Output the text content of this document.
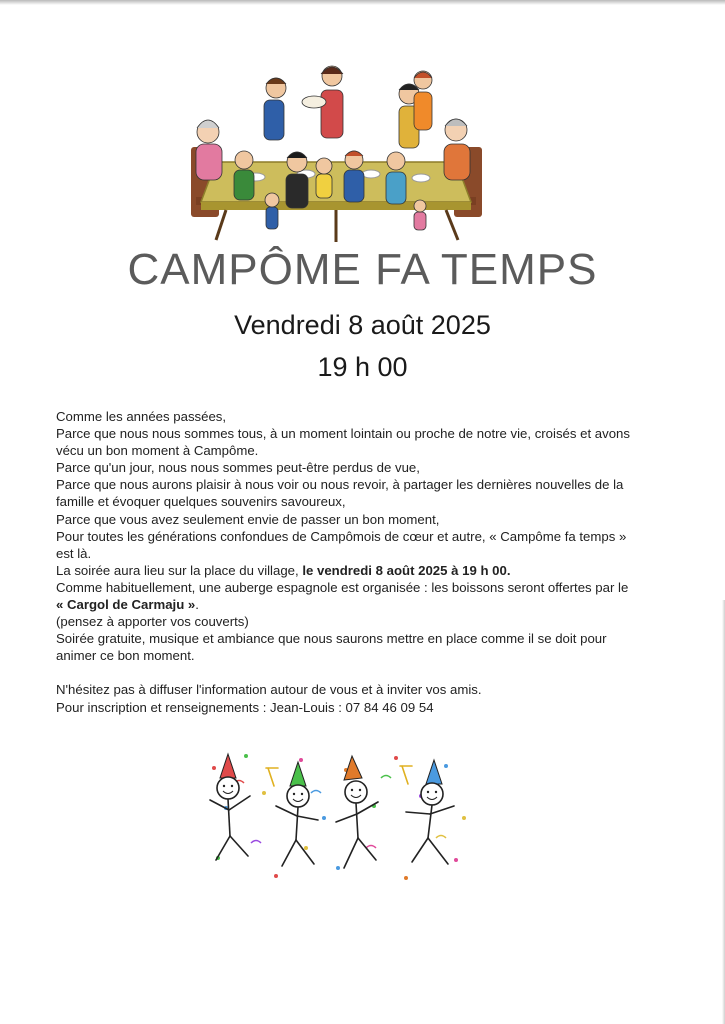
CAMPÔME FA TEMPS
Vendredi 8 août 2025
19 h 00

Comme les années passées,

Parce que nous nous sommes tous, à un moment lointain ou proche de notre vie, croisés et avons vécu un bon moment à Campôme.

Parce qu'un jour, nous nous sommes peut-être perdus de vue,

Parce que nous aurons plaisir à nous voir ou nous revoir, à partager les dernières nouvelles de la famille et évoquer quelques souvenirs savoureux,

Parce que vous avez seulement envie de passer un bon moment,

Pour toutes les générations confondues de Campômois de cœur et autre, « Campôme fa temps » est là.

La soirée aura lieu sur la place du village, le vendredi 8 août 2025 à 19 h 00.

Comme habituellement, une auberge espagnole est organisée : les boissons seront offertes par le « Cargol de Carmaju ».

(pensez à apporter vos couverts)

Soirée gratuite, musique et ambiance que nous saurons mettre en place comme il se doit pour animer ce bon moment.

N'hésitez pas à diffuser l'information autour de vous et à inviter vos amis.

Pour inscription et renseignements : Jean-Louis : 07 84 46 09 54
